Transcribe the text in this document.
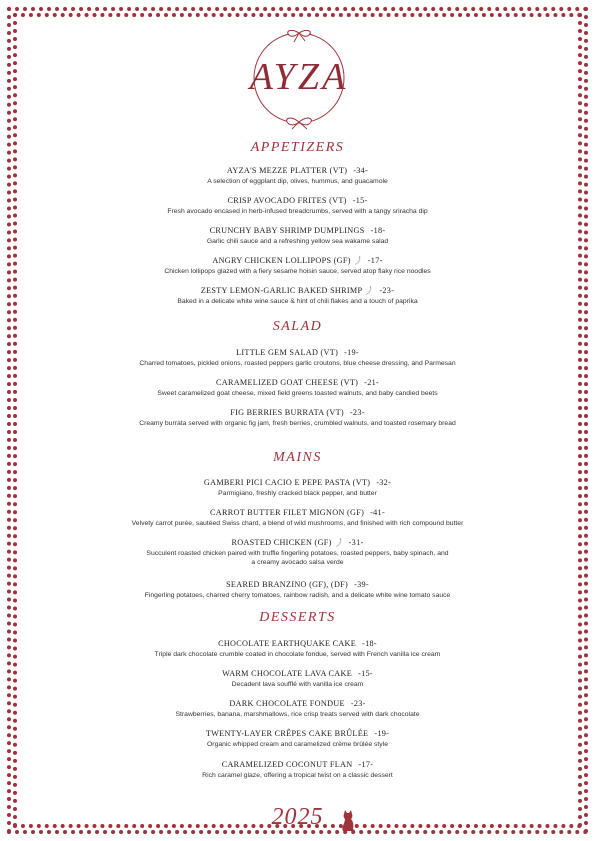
AYZA
APPETIZERS
AYZA'S MEZZE PLATTER (VT) -34-
A selection of eggplant dip, olives, hummus, and guacamole
CRISP AVOCADO FRITES (VT) -15-
Fresh avocado encased in herb-infused breadcrumbs, served with a tangy sriracha dip
CRUNCHY BABY SHRIMP DUMPLINGS -18-
Garlic chili sauce and a refreshing yellow sea wakame salad
ANGRY CHICKEN LOLLIPOPS (GF) -17-
Chicken lollipops glazed with a fiery sesame hoisin sauce, served atop flaky rice noodles
ZESTY LEMON-GARLIC BAKED SHRIMP -23-
Baked in a delicate white wine sauce & hint of chili flakes and a touch of paprika
SALAD
LITTLE GEM SALAD (VT) -19-
Charred tomatoes, pickled onions, roasted peppers garlic croutons, blue cheese dressing, and Parmesan
CARAMELIZED GOAT CHEESE (VT) -21-
Sweet caramelized goat cheese, mixed field greens toasted walnuts, and baby candied beets
FIG BERRIES BURRATA (VT) -23-
Creamy burrata served with organic fig jam, fresh berries, crumbled walnuts, and toasted rosemary bread
MAINS
GAMBERI PICI CACIO E PEPE PASTA (VT) -32-
Parmigiano, freshly cracked black pepper, and butter
CARROT BUTTER FILET MIGNON (GF) -41-
Velvety carrot purée, sautéed Swiss chard, a blend of wild mushrooms, and finished with rich compound butter
ROASTED CHICKEN (GF) -31-
Succulent roasted chicken paired with truffle fingerling potatoes, roasted peppers, baby spinach, and
a creamy avocado salsa verde
SEARED BRANZINO (GF), (DF) -39-
Fingerling potatoes, charred cherry tomatoes, rainbow radish, and a delicate white wine tomato sauce
DESSERTS
CHOCOLATE EARTHQUAKE CAKE -18-
Triple dark chocolate crumble coated in chocolate fondue, served with French vanilla ice cream
WARM CHOCOLATE LAVA CAKE -15-
Decadent lava soufflé with vanilla ice cream
DARK CHOCOLATE FONDUE -23-
Strawberries, banana, marshmallows, rice crisp treats served with dark chocolate
TWENTY-LAYER CRÊPES CAKE BRÛLÉE -19-
Organic whipped cream and caramelized crème brûlée style
CARAMELIZED COCONUT FLAN -17-
Rich caramel glaze, offering a tropical twist on a classic dessert
2025
